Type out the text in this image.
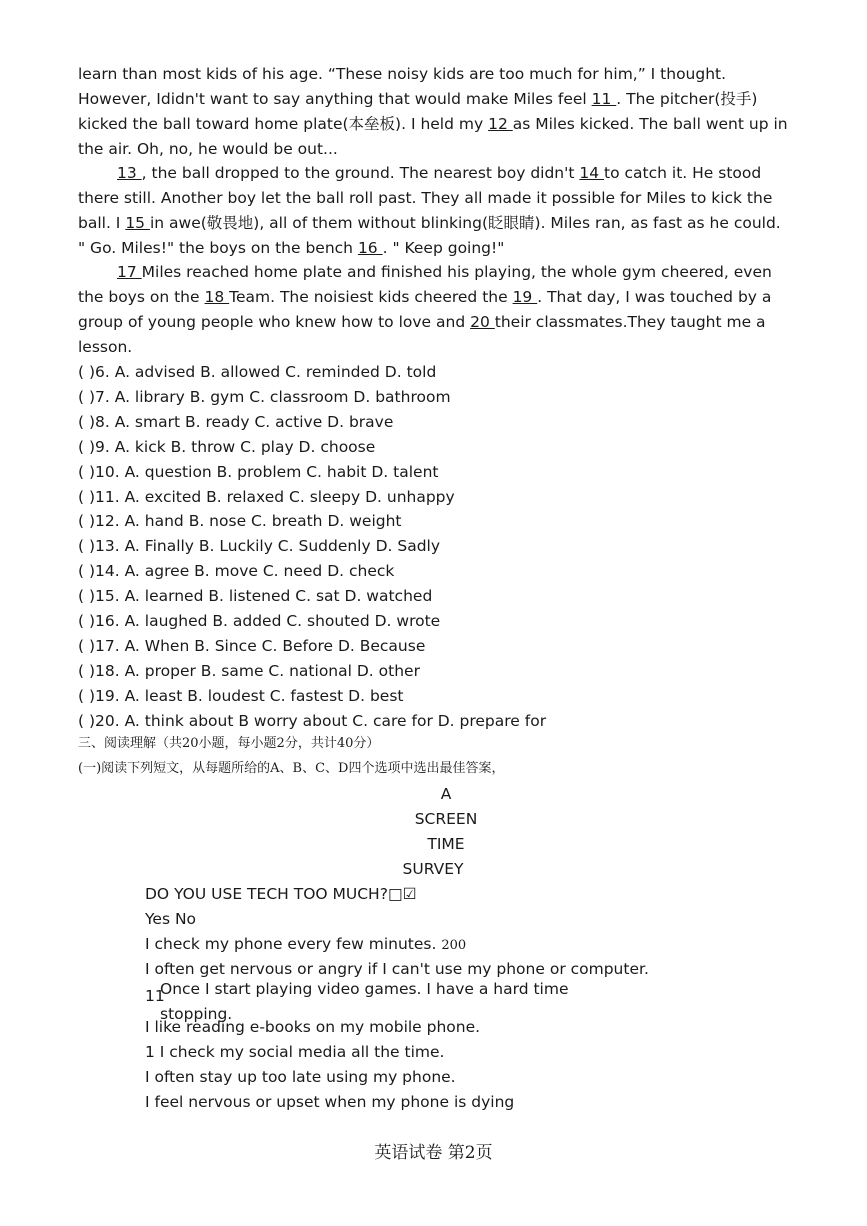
learn than most kids of his age. “These noisy kids are too much for him,” I thought.
However, Ididn't want to say anything that would make Miles feel 11 . The pitcher(投手)
kicked the ball toward home plate(本垒板). I held my 12 as Miles kicked. The ball went up in
the air. Oh, no, he would be out...
13 , the ball dropped to the ground. The nearest boy didn't 14 to catch it. He stood
there still. Another boy let the ball roll past. They all made it possible for Miles to kick the
ball. I 15 in awe(敬畏地), all of them without blinking(眨眼睛). Miles ran, as fast as he could.
" Go. Miles!" the boys on the bench 16 . " Keep going!"
17 Miles reached home plate and finished his playing, the whole gym cheered, even
the boys on the 18 Team. The noisiest kids cheered the 19 . That day, I was touched by a
group of young people who knew how to love and 20 their classmates.They taught me a
lesson.
( )6. A. advised B. allowed C. reminded D. told
( )7. A. library B. gym C. classroom D. bathroom
( )8. A. smart B. ready C. active D. brave
( )9. A. kick B. throw C. play D. choose
( )10. A. question B. problem C. habit D. talent
( )11. A. excited B. relaxed C. sleepy D. unhappy
( )12. A. hand B. nose C. breath D. weight
( )13. A. Finally B. Luckily C. Suddenly D. Sadly
( )14. A. agree B. move C. need D. check
( )15. A. learned B. listened C. sat D. watched
( )16. A. laughed B. added C. shouted D. wrote
( )17. A. When B. Since C. Before D. Because
( )18. A. proper B. same C. national D. other
( )19. A. least B. loudest C. fastest D. best
( )20. A. think about B worry about C. care for D. prepare for
三、阅读理解（共20小题，每小题2分，共计40分）
(一)阅读下列短文，从每题所给的A、B、C、D四个选项中选出最佳答案，
A
SCREEN
TIME
SURVEY
DO YOU USE TECH TOO MUCH?□☑
Yes No
I check my phone every few minutes. 200
I often get nervous or angry if I can't use my phone or computer.
11
Once I start playing video games. I have a hard time
stopping.
I like reading e-books on my mobile phone.
1 I check my social media all the time.
I often stay up too late using my phone.
I feel nervous or upset when my phone is dying
英语试卷 第2页
